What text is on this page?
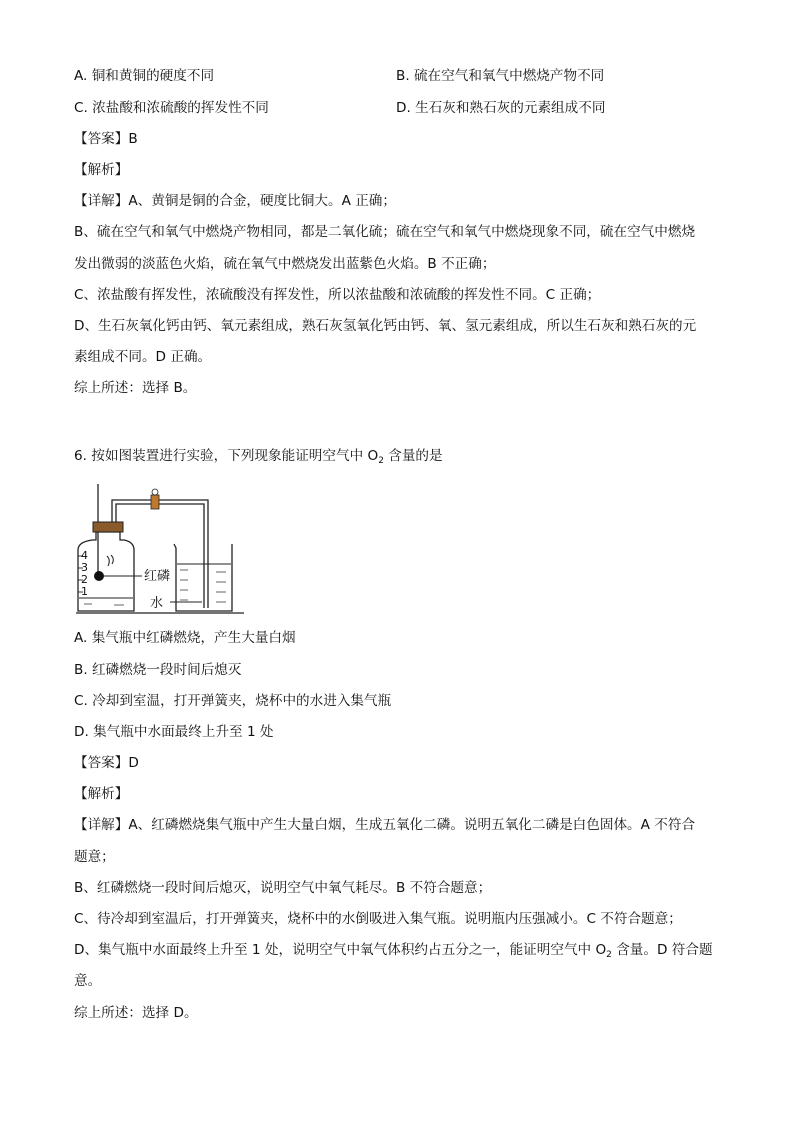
A. 铜和黄铜的硬度不同	B. 硫在空气和氧气中燃烧产物不同
C. 浓盐酸和浓硫酸的挥发性不同	D. 生石灰和熟石灰的元素组成不同
【答案】B
【解析】
【详解】A、黄铜是铜的合金，硬度比铜大。A 正确；
B、硫在空气和氧气中燃烧产物相同，都是二氧化硫；硫在空气和氧气中燃烧现象不同，硫在空气中燃烧
发出微弱的淡蓝色火焰，硫在氧气中燃烧发出蓝紫色火焰。B 不正确；
C、浓盐酸有挥发性，浓硫酸没有挥发性，所以浓盐酸和浓硫酸的挥发性不同。C 正确；
D、生石灰氧化钙由钙、氧元素组成，熟石灰氢氧化钙由钙、氧、氢元素组成，所以生石灰和熟石灰的元
素组成不同。D 正确。
综上所述：选择 B。
6. 按如图装置进行实验，下列现象能证明空气中 $O_2$ 含量的是
4
3
2
1
红磷
水
A. 集气瓶中红磷燃烧，产生大量白烟
B. 红磷燃烧一段时间后熄灭
C. 冷却到室温，打开弹簧夹，烧杯中的水进入集气瓶
D. 集气瓶中水面最终上升至 1 处
【答案】D
【解析】
【详解】A、红磷燃烧集气瓶中产生大量白烟，生成五氧化二磷。说明五氧化二磷是白色固体。A 不符合
题意；
B、红磷燃烧一段时间后熄灭，说明空气中氧气耗尽。B 不符合题意；
C、待冷却到室温后，打开弹簧夹，烧杯中的水倒吸进入集气瓶。说明瓶内压强减小。C 不符合题意；
D、集气瓶中水面最终上升至 1 处，说明空气中氧气体积约占五分之一，能证明空气中 $O_2$ 含量。D 符合题
意。
综上所述：选择 D。
